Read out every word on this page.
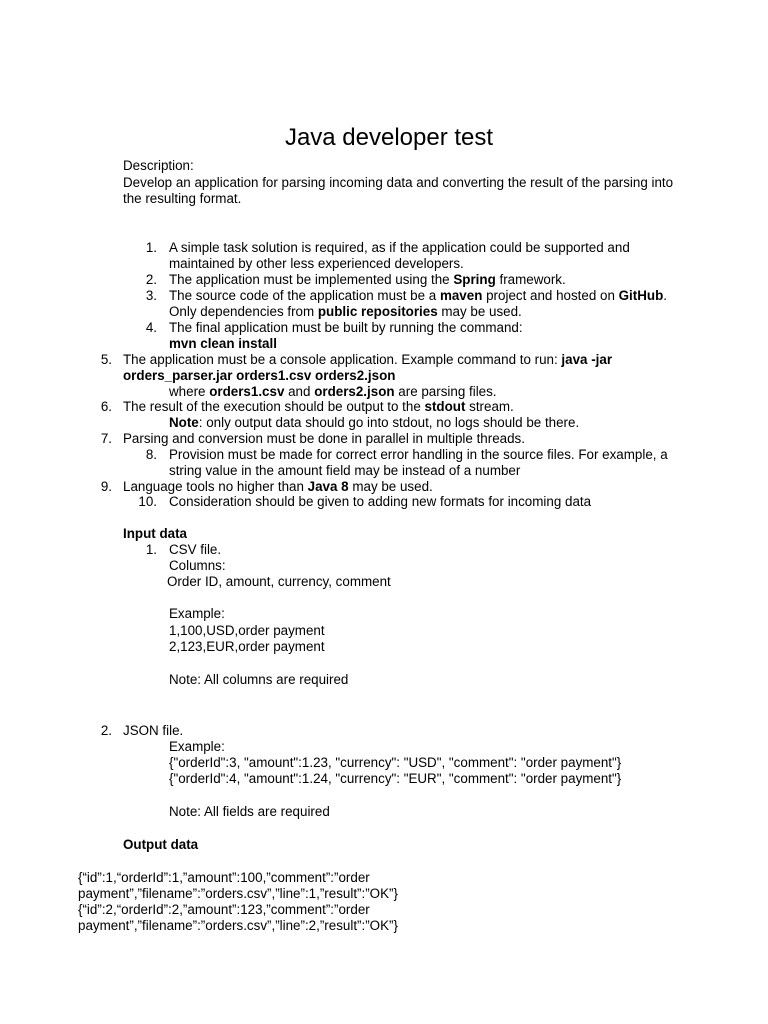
Java developer test
Description:
Develop an application for parsing incoming data and converting the result of the parsing into
the resulting format.
1. A simple task solution is required, as if the application could be supported and
maintained by other less experienced developers.
2. The application must be implemented using the Spring framework.
3. The source code of the application must be a maven project and hosted on GitHub.
Only dependencies from public repositories may be used.
4. The final application must be built by running the command:
mvn clean install
5. The application must be a console application. Example command to run: java -jar
orders_parser.jar orders1.csv orders2.json
where orders1.csv and orders2.json are parsing files.
6. The result of the execution should be output to the stdout stream.
Note: only output data should go into stdout, no logs should be there.
7. Parsing and conversion must be done in parallel in multiple threads.
8. Provision must be made for correct error handling in the source files. For example, a
string value in the amount field may be instead of a number
9. Language tools no higher than Java 8 may be used.
10. Consideration should be given to adding new formats for incoming data
Input data
1. CSV file.
Columns:
Order ID, amount, currency, comment
Example:
1,100,USD,order payment
2,123,EUR,order payment
Note: All columns are required
2. JSON file.
Example:
{"orderId":3, "amount":1.23, "currency": "USD", "comment": "order payment"}
{"orderId":4, "amount":1.24, "currency": "EUR", "comment": "order payment"}
Note: All fields are required
Output data
{“id”:1,“orderId”:1,”amount”:100,”comment”:”order
payment”,”filename”:”orders.csv”,”line”:1,”result”:”OK”}
{“id”:2,“orderId”:2,”amount”:123,”comment”:”order
payment”,”filename”:”orders.csv”,”line”:2,”result”:”OK”}
